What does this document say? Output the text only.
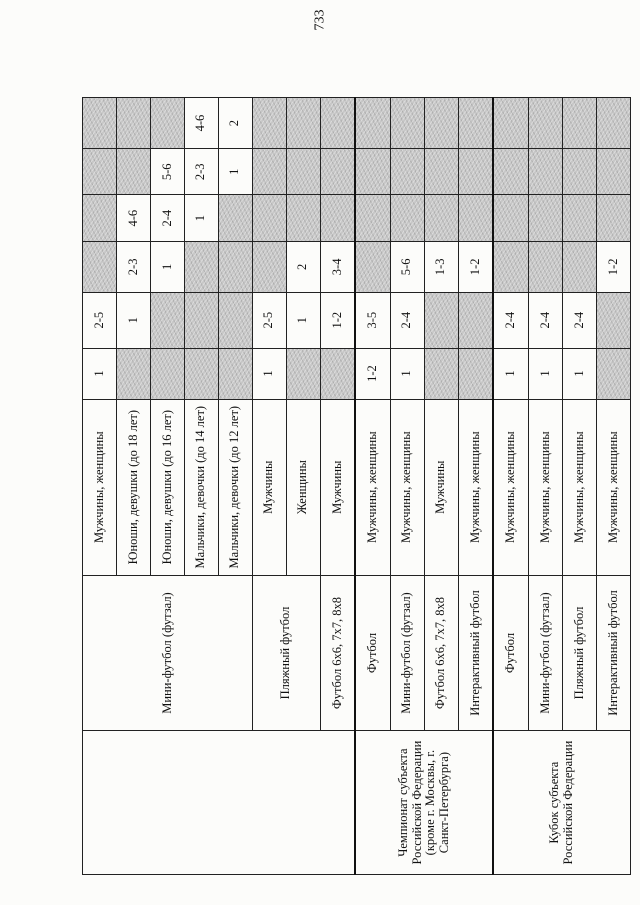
733
	Мини-футбол (футзал)	Мужчины, женщины	1	2-5				
		Юноши, девушки (до 18 лет)		1	2-3	4-6		
		Юноши, девушки (до 16 лет)			1	2-4	5-6	
		Мальчики, девочки (до 14 лет)				1	2-3	4-6
		Мальчики, девочки (до 12 лет)					1	2
	Пляжный футбол	Мужчины	1	2-5				
		Женщины		1	2			
	Футбол 6х6, 7х7, 8х8	Мужчины		1-2	3-4			
Чемпионат субъекта Российской Федерации (кроме г. Москвы, г. Санкт-Петербурга)	Футбол	Мужчины, женщины	1-2	3-5				
	Мини-футбол (футзал)	Мужчины, женщины	1	2-4	5-6			
	Футбол 6х6, 7х7, 8х8	Мужчины			1-3			
	Интерактивный футбол	Мужчины, женщины			1-2			
Кубок субъекта Российской Федерации	Футбол	Мужчины, женщины	1	2-4				
	Мини-футбол (футзал)	Мужчины, женщины	1	2-4				
	Пляжный футбол	Мужчины, женщины	1	2-4				
	Интерактивный футбол	Мужчины, женщины			1-2			
